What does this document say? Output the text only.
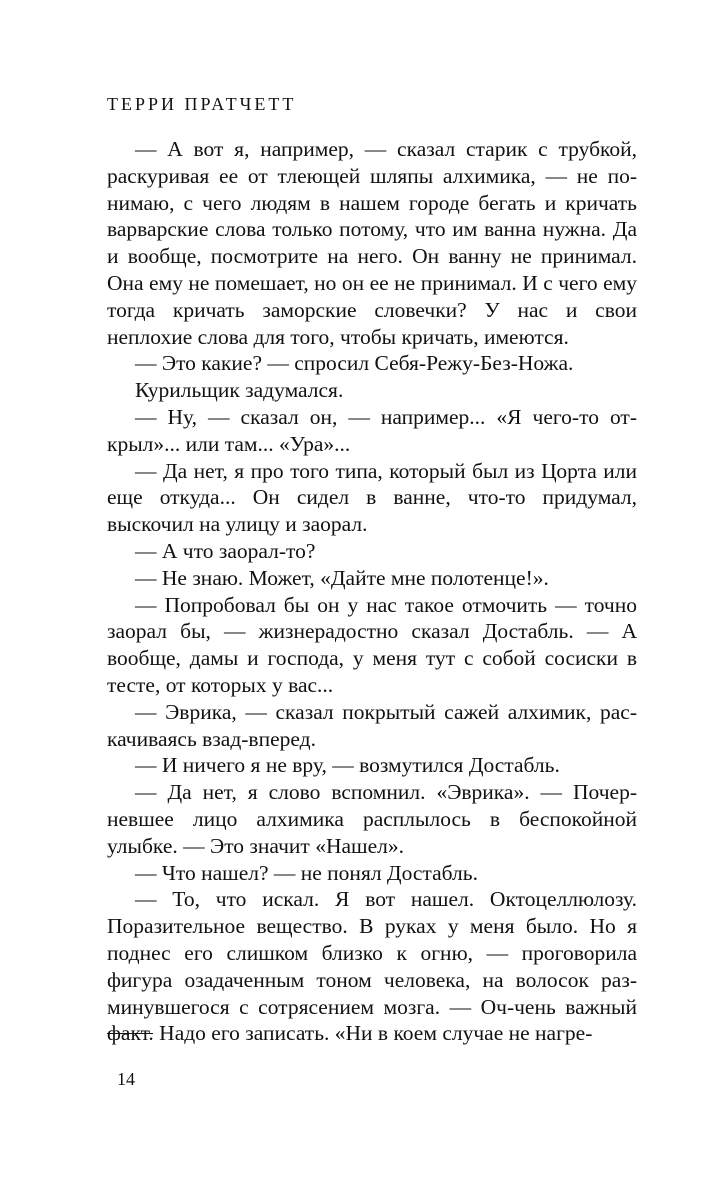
ТЕРРИ ПРАТЧЕТТ

— А вот я, например, — сказал старик с трубкой, раскуривая ее от тлеющей шляпы алхимика, — не понимаю, с чего людям в нашем городе бегать и кричать варварские слова только потому, что им ванна нужна. Да и вообще, посмотрите на него. Он ванну не принимал. Она ему не помешает, но он ее не принимал. И с чего ему тогда кричать заморские словечки? У нас и свои неплохие слова для того, чтобы кричать, имеются.

— Это какие? — спросил Себя-Режу-Без-Ножа.

Курильщик задумался.

— Ну, — сказал он, — например... «Я чего-то открыл»... или там... «Ура»...

— Да нет, я про того типа, который был из Цорта или еще откуда... Он сидел в ванне, что-то придумал, выскочил на улицу и заорал.

— А что заорал-то?

— Не знаю. Может, «Дайте мне полотенце!».

— Попробовал бы он у нас такое отмочить — точно заорал бы, — жизнерадостно сказал Достабль. — А вообще, дамы и господа, у меня тут с собой сосиски в тесте, от которых у вас...

— Эврика, — сказал покрытый сажей алхимик, раскачиваясь взад-вперед.

— И ничего я не вру, — возмутился Достабль.

— Да нет, я слово вспомнил. «Эврика». — Почерневшее лицо алхимика расплылось в беспокойной улыбке. — Это значит «Нашел».

— Что нашел? — не понял Достабль.

— То, что искал. Я вот нашел. Октоцеллюлозу. Поразительное вещество. В руках у меня было. Но я поднес его слишком близко к огню, — проговорила фигура озадаченным тоном человека, на волосок разминувшегося с сотрясением мозга. — Оч-чень важный факт. Надо его записать. «Ни в коем случае не нагре-

14
